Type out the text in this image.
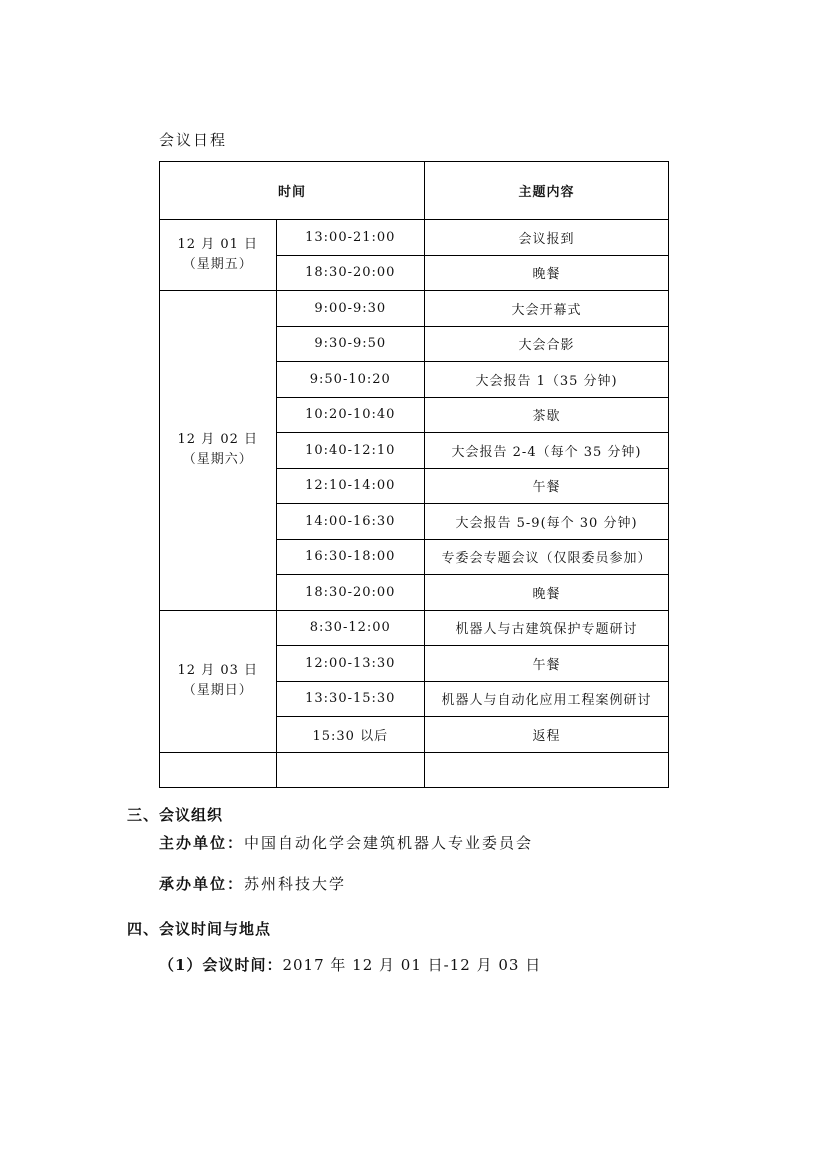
会议日程
时间		主题内容

12 月 01 日
（星期五）	13:00-21:00	会议报到
	18:30-20:00	晚餐

12 月 02 日
（星期六）	9:00-9:30	大会开幕式
	9:30-9:50	大会合影
	9:50-10:20	大会报告 1（35 分钟)
	10:20-10:40	茶歇
	10:40-12:10	大会报告 2-4（每个 35 分钟)
	12:10-14:00	午餐
	14:00-16:30	大会报告 5-9(每个 30 分钟)
	16:30-18:00	专委会专题会议（仅限委员参加）
	18:30-20:00	晚餐

12 月 03 日
（星期日）	8:30-12:00	机器人与古建筑保护专题研讨
	12:00-13:30	午餐
	13:30-15:30	机器人与自动化应用工程案例研讨
	15:30 以后	返程

三、会议组织
主办单位：中国自动化学会建筑机器人专业委员会
承办单位：苏州科技大学
四、会议时间与地点
（1）会议时间：2017 年 12 月 01 日-12 月 03 日
